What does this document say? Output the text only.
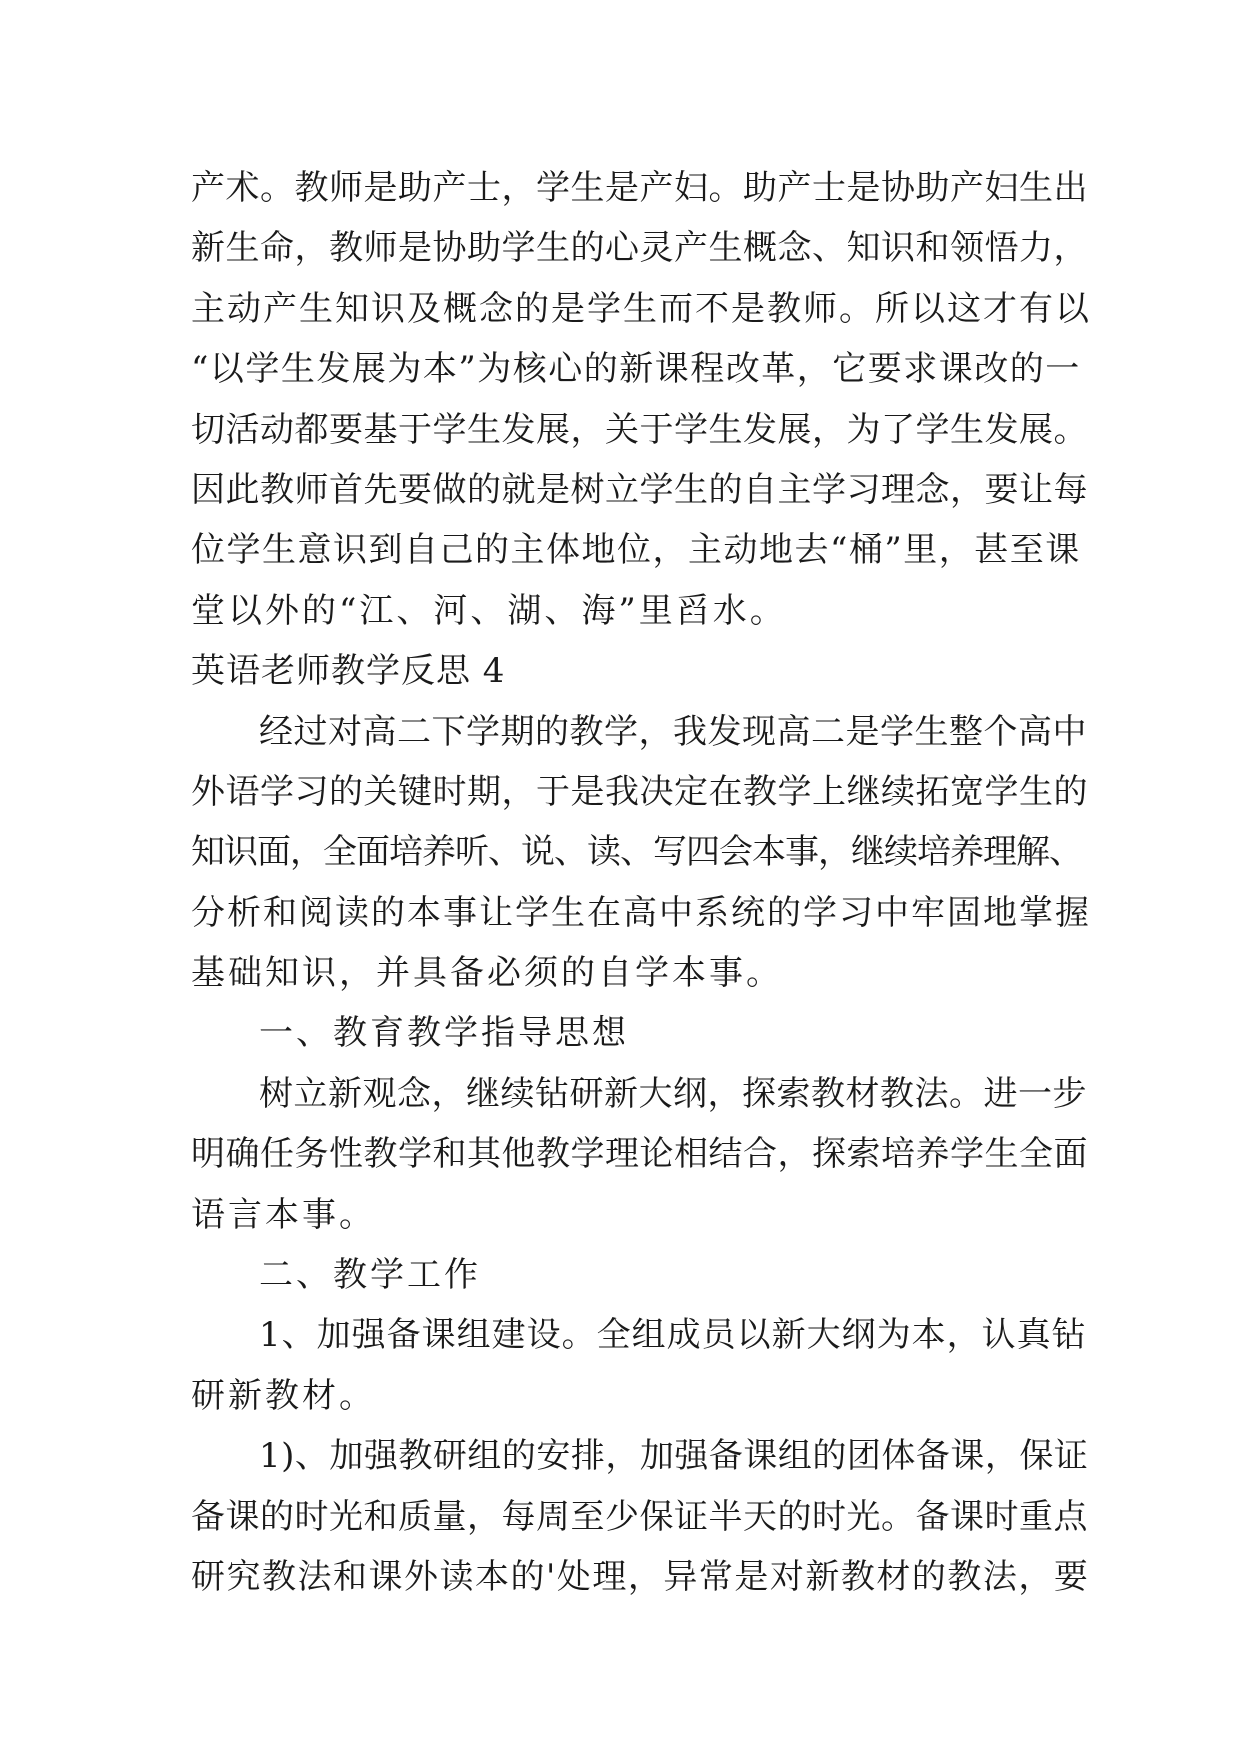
产术。教师是助产士，学生是产妇。助产士是协助产妇生出
新生命，教师是协助学生的心灵产生概念、知识和领悟力，
主动产生知识及概念的是学生而不是教师。所以这才有以
“以学生发展为本”为核心的新课程改革，它要求课改的一
切活动都要基于学生发展，关于学生发展，为了学生发展。
因此教师首先要做的就是树立学生的自主学习理念，要让每
位学生意识到自己的主体地位，主动地去“桶”里，甚至课
堂以外的“江、河、湖、海”里舀水。
英语老师教学反思 4
经过对高二下学期的教学，我发现高二是学生整个高中
外语学习的关键时期，于是我决定在教学上继续拓宽学生的
知识面，全面培养听、说、读、写四会本事，继续培养理解、
分析和阅读的本事让学生在高中系统的学习中牢固地掌握
基础知识，并具备必须的自学本事。
一、教育教学指导思想
树立新观念，继续钻研新大纲，探索教材教法。进一步
明确任务性教学和其他教学理论相结合，探索培养学生全面
语言本事。
二、教学工作
1、加强备课组建设。全组成员以新大纲为本，认真钻
研新教材。
1)、加强教研组的安排，加强备课组的团体备课，保证
备课的时光和质量，每周至少保证半天的时光。备课时重点
研究教法和课外读本的'处理，异常是对新教材的教法，要
